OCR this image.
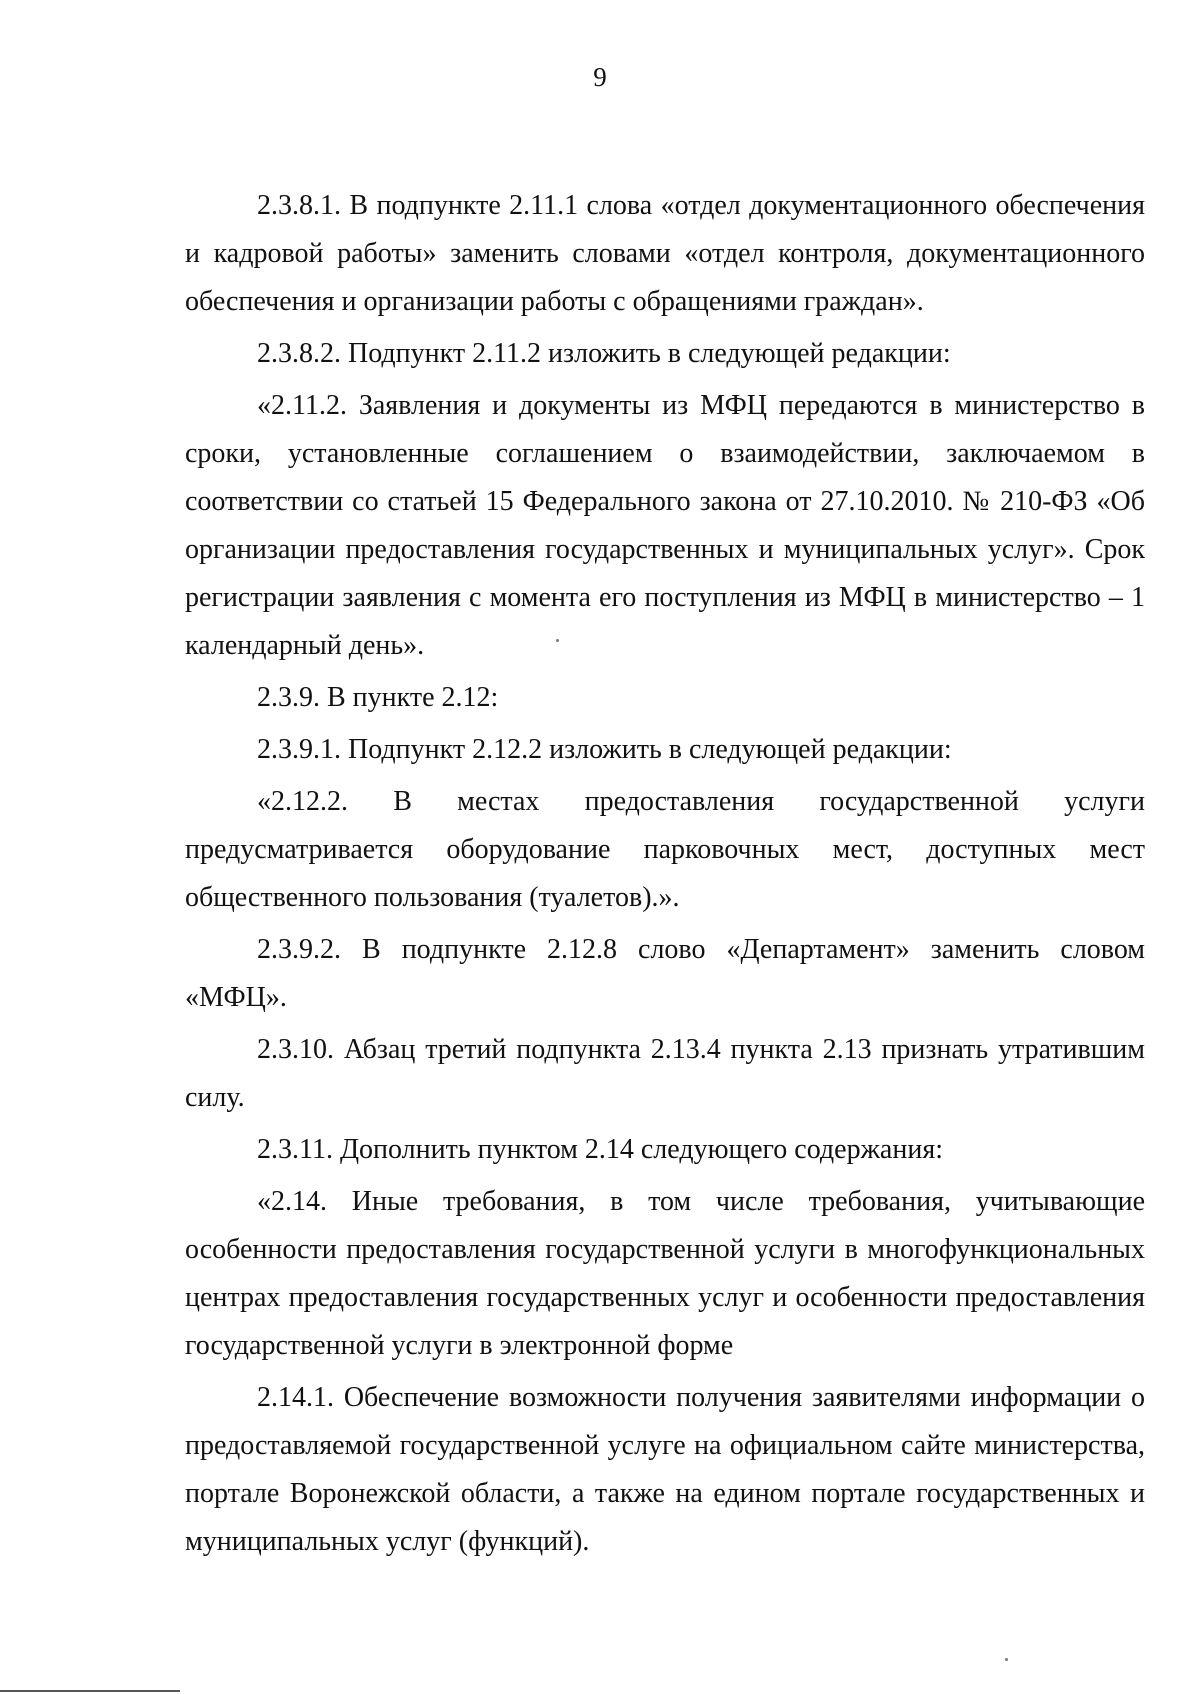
9

2.3.8.1. В подпункте 2.11.1 слова «отдел документационного обеспечения и кадровой работы» заменить словами «отдел контроля, документационного обеспечения и организации работы с обращениями граждан».

2.3.8.2. Подпункт 2.11.2 изложить в следующей редакции:

«2.11.2. Заявления и документы из МФЦ передаются в министерство в сроки, установленные соглашением о взаимодействии, заключаемом в соответствии со статьей 15 Федерального закона от 27.10.2010. № 210-ФЗ «Об организации предоставления государственных и муниципальных услуг». Срок регистрации заявления с момента его поступления из МФЦ в министерство – 1 календарный день».

2.3.9. В пункте 2.12:

2.3.9.1. Подпункт 2.12.2 изложить в следующей редакции:

«2.12.2. В местах предоставления государственной услуги предусматривается оборудование парковочных мест, доступных мест общественного пользования (туалетов).».

2.3.9.2. В подпункте 2.12.8 слово «Департамент» заменить словом «МФЦ».

2.3.10. Абзац третий подпункта 2.13.4 пункта 2.13 признать утратившим силу.

2.3.11. Дополнить пунктом 2.14 следующего содержания:

«2.14. Иные требования, в том числе требования, учитывающие особенности предоставления государственной услуги в многофункциональных центрах предоставления государственных услуг и особенности предоставления государственной услуги в электронной форме

2.14.1. Обеспечение возможности получения заявителями информации о предоставляемой государственной услуге на официальном сайте министерства, портале Воронежской области, а также на едином портале государственных и муниципальных услуг (функций).
